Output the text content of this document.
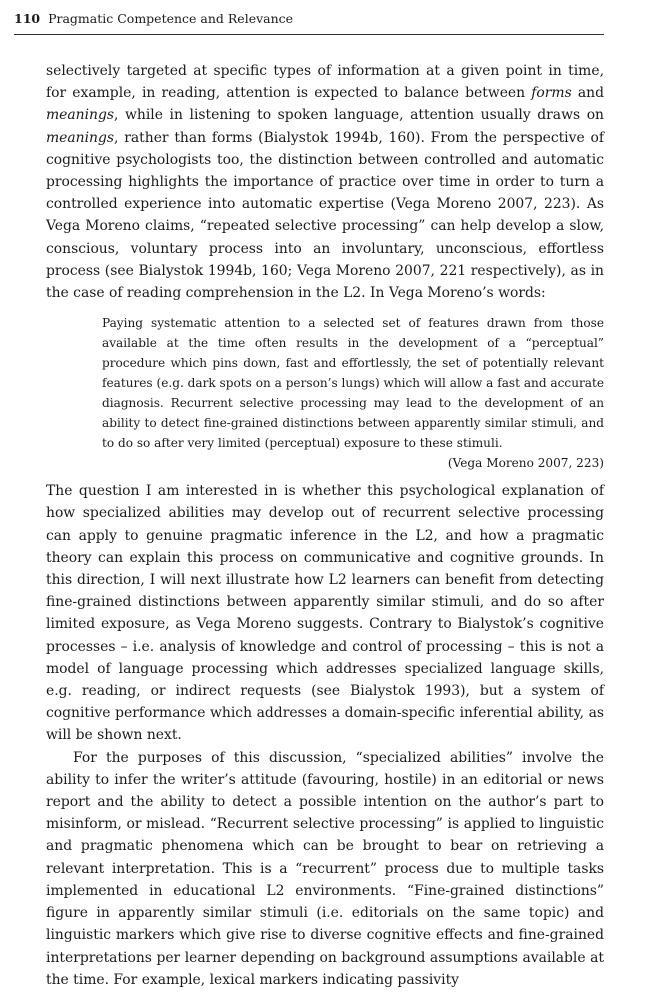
110 Pragmatic Competence and Relevance

selectively targeted at specific types of information at a given point in time, for example, in reading, attention is expected to balance between forms and meanings, while in listening to spoken language, attention usually draws on meanings, rather than forms (Bialystok 1994b, 160). From the perspective of cognitive psychologists too, the distinction between controlled and automatic processing highlights the importance of practice over time in order to turn a controlled experience into automatic expertise (Vega Moreno 2007, 223). As Vega Moreno claims, “repeated selective processing” can help develop a slow, conscious, voluntary process into an involuntary, unconscious, effortless process (see Bialystok 1994b, 160; Vega Moreno 2007, 221 respectively), as in the case of reading comprehension in the L2. In Vega Moreno’s words:

Paying systematic attention to a selected set of features drawn from those available at the time often results in the development of a “perceptual” procedure which pins down, fast and effortlessly, the set of potentially relevant features (e.g. dark spots on a person’s lungs) which will allow a fast and accurate diagnosis. Recurrent selective processing may lead to the development of an ability to detect fine-grained distinctions between apparently similar stimuli, and to do so after very limited (perceptual) exposure to these stimuli.
(Vega Moreno 2007, 223)

The question I am interested in is whether this psychological explanation of how specialized abilities may develop out of recurrent selective processing can apply to genuine pragmatic inference in the L2, and how a pragmatic theory can explain this process on communicative and cognitive grounds. In this direction, I will next illustrate how L2 learners can benefit from detecting fine-grained distinctions between apparently similar stimuli, and do so after limited exposure, as Vega Moreno suggests. Contrary to Bialystok’s cognitive processes – i.e. analysis of knowledge and control of processing – this is not a model of language processing which addresses specialized language skills, e.g. reading, or indirect requests (see Bialystok 1993), but a system of cognitive performance which addresses a domain-specific inferential ability, as will be shown next.

For the purposes of this discussion, “specialized abilities” involve the ability to infer the writer’s attitude (favouring, hostile) in an editorial or news report and the ability to detect a possible intention on the author’s part to misinform, or mislead. “Recurrent selective processing” is applied to linguistic and pragmatic phenomena which can be brought to bear on retrieving a relevant interpretation. This is a “recurrent” process due to multiple tasks implemented in educational L2 environments. “Fine-grained distinctions” figure in apparently similar stimuli (i.e. editorials on the same topic) and linguistic markers which give rise to diverse cognitive effects and fine-grained interpretations per learner depending on background assumptions available at the time. For example, lexical markers indicating passivity
